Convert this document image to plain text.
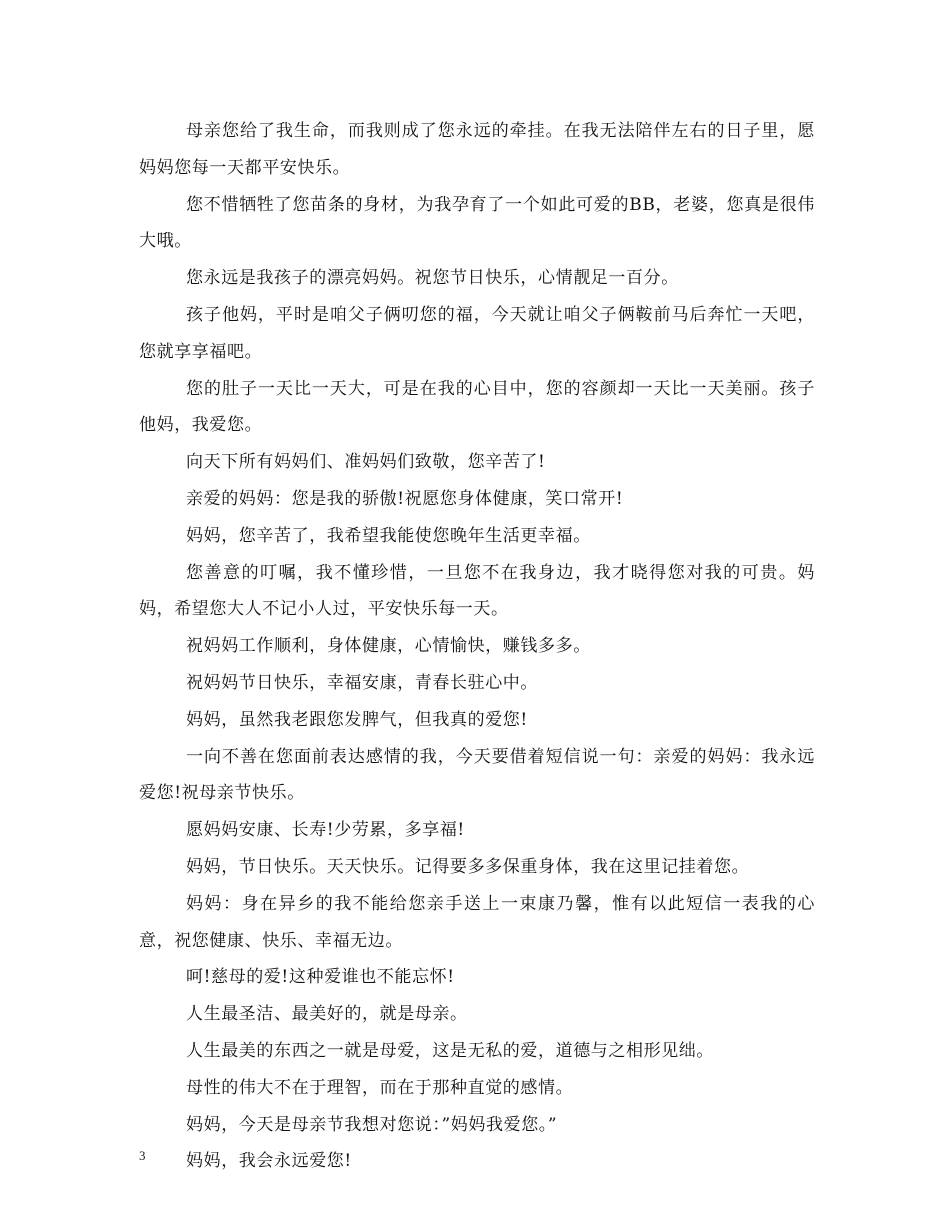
母亲您给了我生命，而我则成了您永远的牵挂。在我无法陪伴左右的日子里，愿妈妈您每一天都平安快乐。

您不惜牺牲了您苗条的身材，为我孕育了一个如此可爱的BB，老婆，您真是很伟大哦。

您永远是我孩子的漂亮妈妈。祝您节日快乐，心情靓足一百分。

孩子他妈，平时是咱父子俩叨您的福，今天就让咱父子俩鞍前马后奔忙一天吧，您就享享福吧。

您的肚子一天比一天大，可是在我的心目中，您的容颜却一天比一天美丽。孩子他妈，我爱您。

向天下所有妈妈们、准妈妈们致敬，您辛苦了!

亲爱的妈妈：您是我的骄傲!祝愿您身体健康，笑口常开!

妈妈，您辛苦了，我希望我能使您晚年生活更幸福。

您善意的叮嘱，我不懂珍惜，一旦您不在我身边，我才晓得您对我的可贵。妈妈，希望您大人不记小人过，平安快乐每一天。

祝妈妈工作顺利，身体健康，心情愉快，赚钱多多。

祝妈妈节日快乐，幸福安康，青春长驻心中。

妈妈，虽然我老跟您发脾气，但我真的爱您!

一向不善在您面前表达感情的我，今天要借着短信说一句：亲爱的妈妈：我永远爱您!祝母亲节快乐。

愿妈妈安康、长寿!少劳累，多享福!

妈妈，节日快乐。天天快乐。记得要多多保重身体，我在这里记挂着您。

妈妈：身在异乡的我不能给您亲手送上一束康乃馨，惟有以此短信一表我的心意，祝您健康、快乐、幸福无边。

呵!慈母的爱!这种爱谁也不能忘怀!

人生最圣洁、最美好的，就是母亲。

人生最美的东西之一就是母爱，这是无私的爱，道德与之相形见绌。

母性的伟大不在于理智，而在于那种直觉的感情。

妈妈，今天是母亲节我想对您说：”妈妈我爱您。”

妈妈，我会永远爱您!

3
